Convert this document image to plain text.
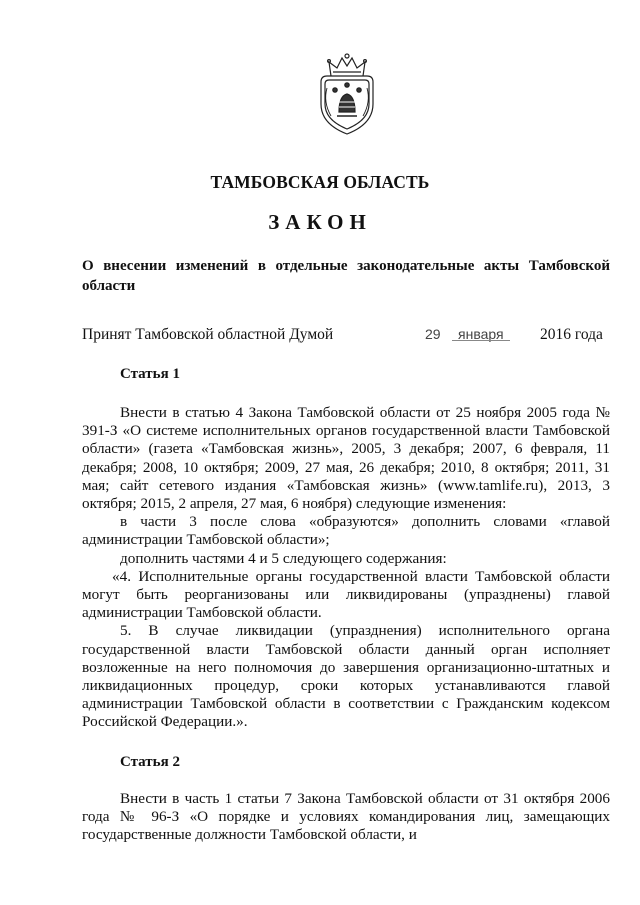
ТАМБОВСКАЯ ОБЛАСТЬ
ЗАКОН
О внесении изменений в отдельные законодательные акты Тамбовской области
Принят Тамбовской областной Думой	29 января 2016 года
Статья 1

Внести в статью 4 Закона Тамбовской области от 25 ноября 2005 года № 391-З «О системе исполнительных органов государственной власти Тамбовской области» (газета «Тамбовская жизнь», 2005, 3 декабря; 2007, 6 февраля, 11 декабря; 2008, 10 октября; 2009, 27 мая, 26 декабря; 2010, 8 октября; 2011, 31 мая; сайт сетевого издания «Тамбовская жизнь» (www.tamlife.ru), 2013, 3 октября; 2015, 2 апреля, 27 мая, 6 ноября) следующие изменения:

в части 3 после слова «образуются» дополнить словами «главой администрации Тамбовской области»;

дополнить частями 4 и 5 следующего содержания:

«4. Исполнительные органы государственной власти Тамбовской области могут быть реорганизованы или ликвидированы (упразднены) главой администрации Тамбовской области.

5. В случае ликвидации (упразднения) исполнительного органа государственной власти Тамбовской области данный орган исполняет возложенные на него полномочия до завершения организационно-штатных и ликвидационных процедур, сроки которых устанавливаются главой администрации Тамбовской области в соответствии с Гражданским кодексом Российской Федерации.».

Статья 2

Внести в часть 1 статьи 7 Закона Тамбовской области от 31 октября 2006 года № 96-З «О порядке и условиях командирования лиц, замещающих государственные должности Тамбовской области, и
